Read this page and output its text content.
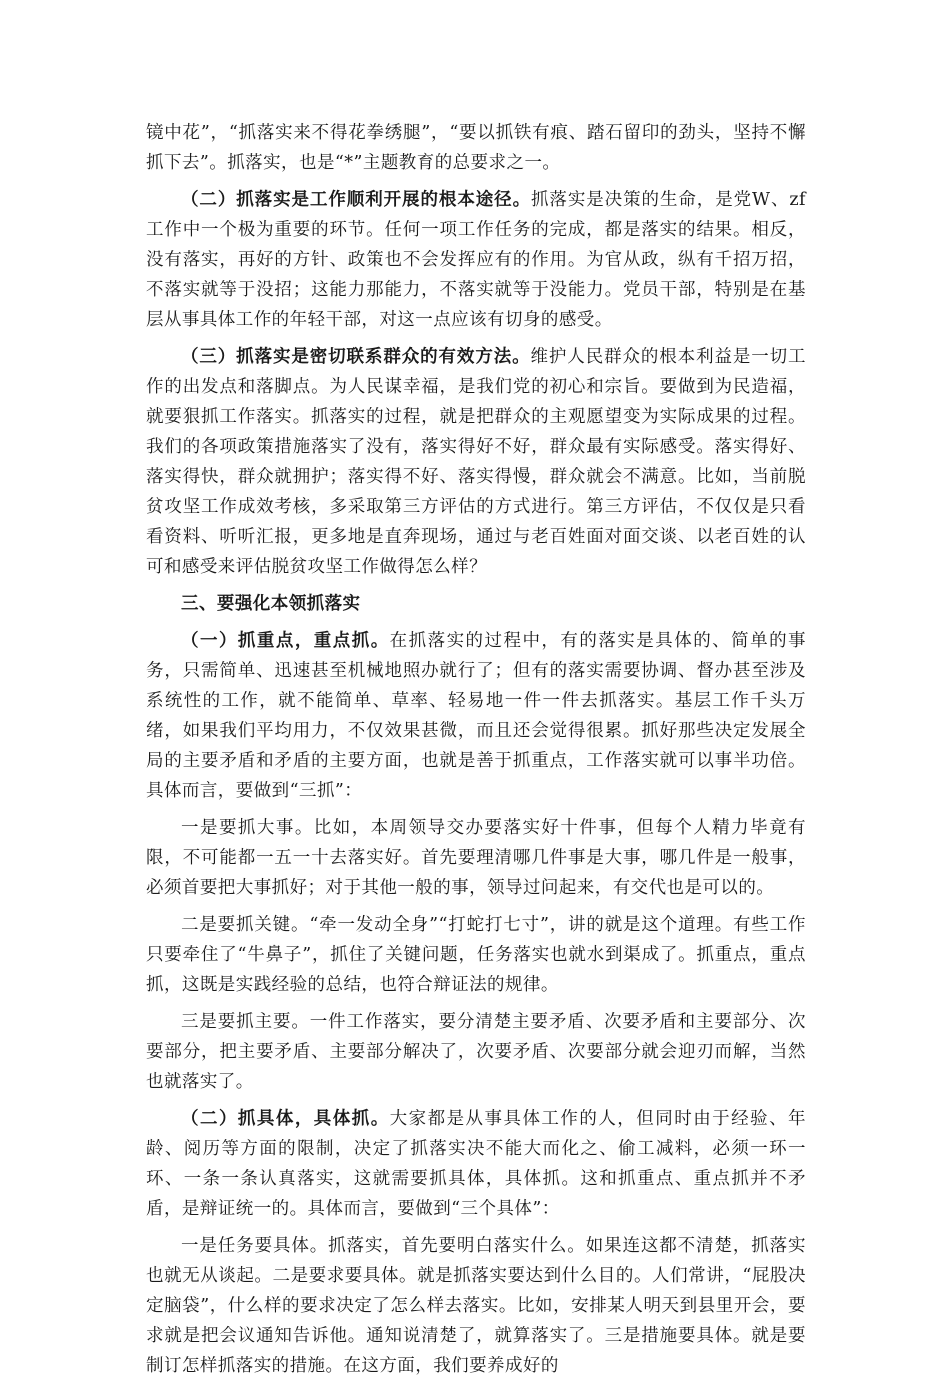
镜中花”，“抓落实来不得花拳绣腿”，“要以抓铁有痕、踏石留印的劲头，坚持不懈抓下去”。抓落实，也是“*”主题教育的总要求之一。

（二）抓落实是工作顺利开展的根本途径。抓落实是决策的生命，是党W、zf工作中一个极为重要的环节。任何一项工作任务的完成，都是落实的结果。相反，没有落实，再好的方针、政策也不会发挥应有的作用。为官从政，纵有千招万招，不落实就等于没招；这能力那能力，不落实就等于没能力。党员干部，特别是在基层从事具体工作的年轻干部，对这一点应该有切身的感受。

（三）抓落实是密切联系群众的有效方法。维护人民群众的根本利益是一切工作的出发点和落脚点。为人民谋幸福，是我们党的初心和宗旨。要做到为民造福，就要狠抓工作落实。抓落实的过程，就是把群众的主观愿望变为实际成果的过程。我们的各项政策措施落实了没有，落实得好不好，群众最有实际感受。落实得好、落实得快，群众就拥护；落实得不好、落实得慢，群众就会不满意。比如，当前脱贫攻坚工作成效考核，多采取第三方评估的方式进行。第三方评估，不仅仅是只看看资料、听听汇报，更多地是直奔现场，通过与老百姓面对面交谈、以老百姓的认可和感受来评估脱贫攻坚工作做得怎么样？

三、要强化本领抓落实

（一）抓重点，重点抓。在抓落实的过程中，有的落实是具体的、简单的事务，只需简单、迅速甚至机械地照办就行了；但有的落实需要协调、督办甚至涉及系统性的工作，就不能简单、草率、轻易地一件一件去抓落实。基层工作千头万绪，如果我们平均用力，不仅效果甚微，而且还会觉得很累。抓好那些决定发展全局的主要矛盾和矛盾的主要方面，也就是善于抓重点，工作落实就可以事半功倍。具体而言，要做到“三抓”：

一是要抓大事。比如，本周领导交办要落实好十件事，但每个人精力毕竟有限，不可能都一五一十去落实好。首先要理清哪几件事是大事，哪几件是一般事，必须首要把大事抓好；对于其他一般的事，领导过问起来，有交代也是可以的。

二是要抓关键。“牵一发动全身”“打蛇打七寸”，讲的就是这个道理。有些工作只要牵住了“牛鼻子”，抓住了关键问题，任务落实也就水到渠成了。抓重点，重点抓，这既是实践经验的总结，也符合辩证法的规律。

三是要抓主要。一件工作落实，要分清楚主要矛盾、次要矛盾和主要部分、次要部分，把主要矛盾、主要部分解决了，次要矛盾、次要部分就会迎刃而解，当然也就落实了。

（二）抓具体，具体抓。大家都是从事具体工作的人，但同时由于经验、年龄、阅历等方面的限制，决定了抓落实决不能大而化之、偷工减料，必须一环一环、一条一条认真落实，这就需要抓具体，具体抓。这和抓重点、重点抓并不矛盾，是辩证统一的。具体而言，要做到“三个具体”：

一是任务要具体。抓落实，首先要明白落实什么。如果连这都不清楚，抓落实也就无从谈起。二是要求要具体。就是抓落实要达到什么目的。人们常讲，“屁股决定脑袋”，什么样的要求决定了怎么样去落实。比如，安排某人明天到县里开会，要求就是把会议通知告诉他。通知说清楚了，就算落实了。三是措施要具体。就是要制订怎样抓落实的措施。在这方面，我们要养成好的
